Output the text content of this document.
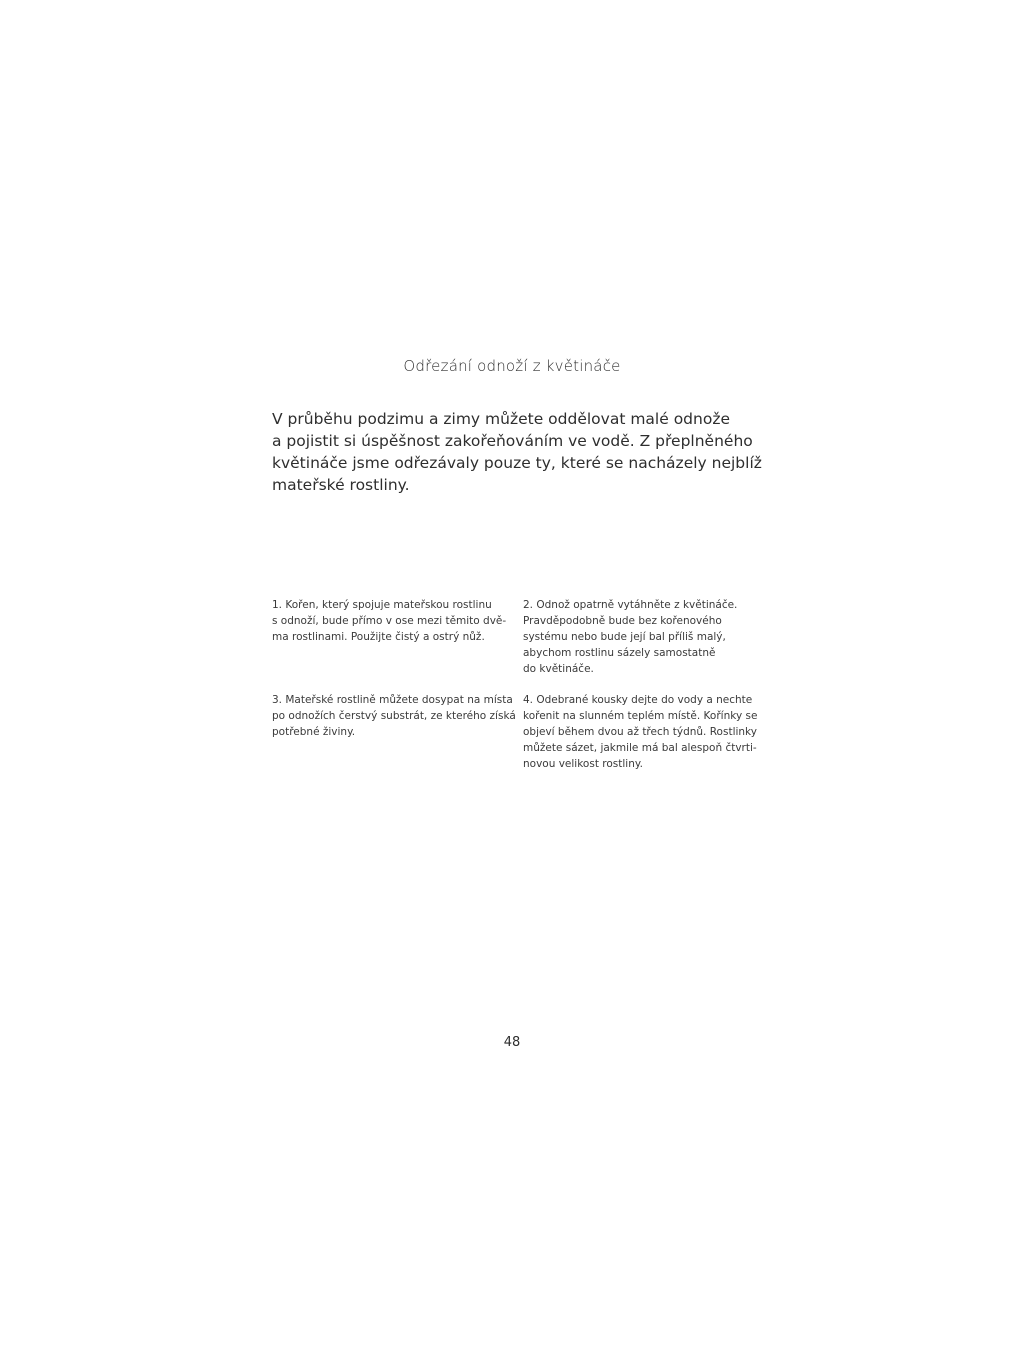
Odřezání odnoží z květináče
V průběhu podzimu a zimy můžete oddělovat malé odnože
a pojistit si úspěšnost zakořeňováním ve vodě. Z přeplněného
květináče jsme odřezávaly pouze ty, které se nacházely nejblíž
mateřské rostliny.
1. Kořen, který spojuje mateřskou rostlinu
s odnoží, bude přímo v ose mezi těmito dvě-
ma rostlinami. Použijte čistý a ostrý nůž.
2. Odnož opatrně vytáhněte z květináče.
Pravděpodobně bude bez kořenového
systému nebo bude její bal příliš malý,
abychom rostlinu sázely samostatně
do květináče.
3. Mateřské rostlině můžete dosypat na místa
po odnožích čerstvý substrát, ze kterého získá
potřebné živiny.
4. Odebrané kousky dejte do vody a nechte
kořenit na slunném teplém místě. Kořínky se
objeví během dvou až třech týdnů. Rostlinky
můžete sázet, jakmile má bal alespoň čtvrti-
novou velikost rostliny.
48
